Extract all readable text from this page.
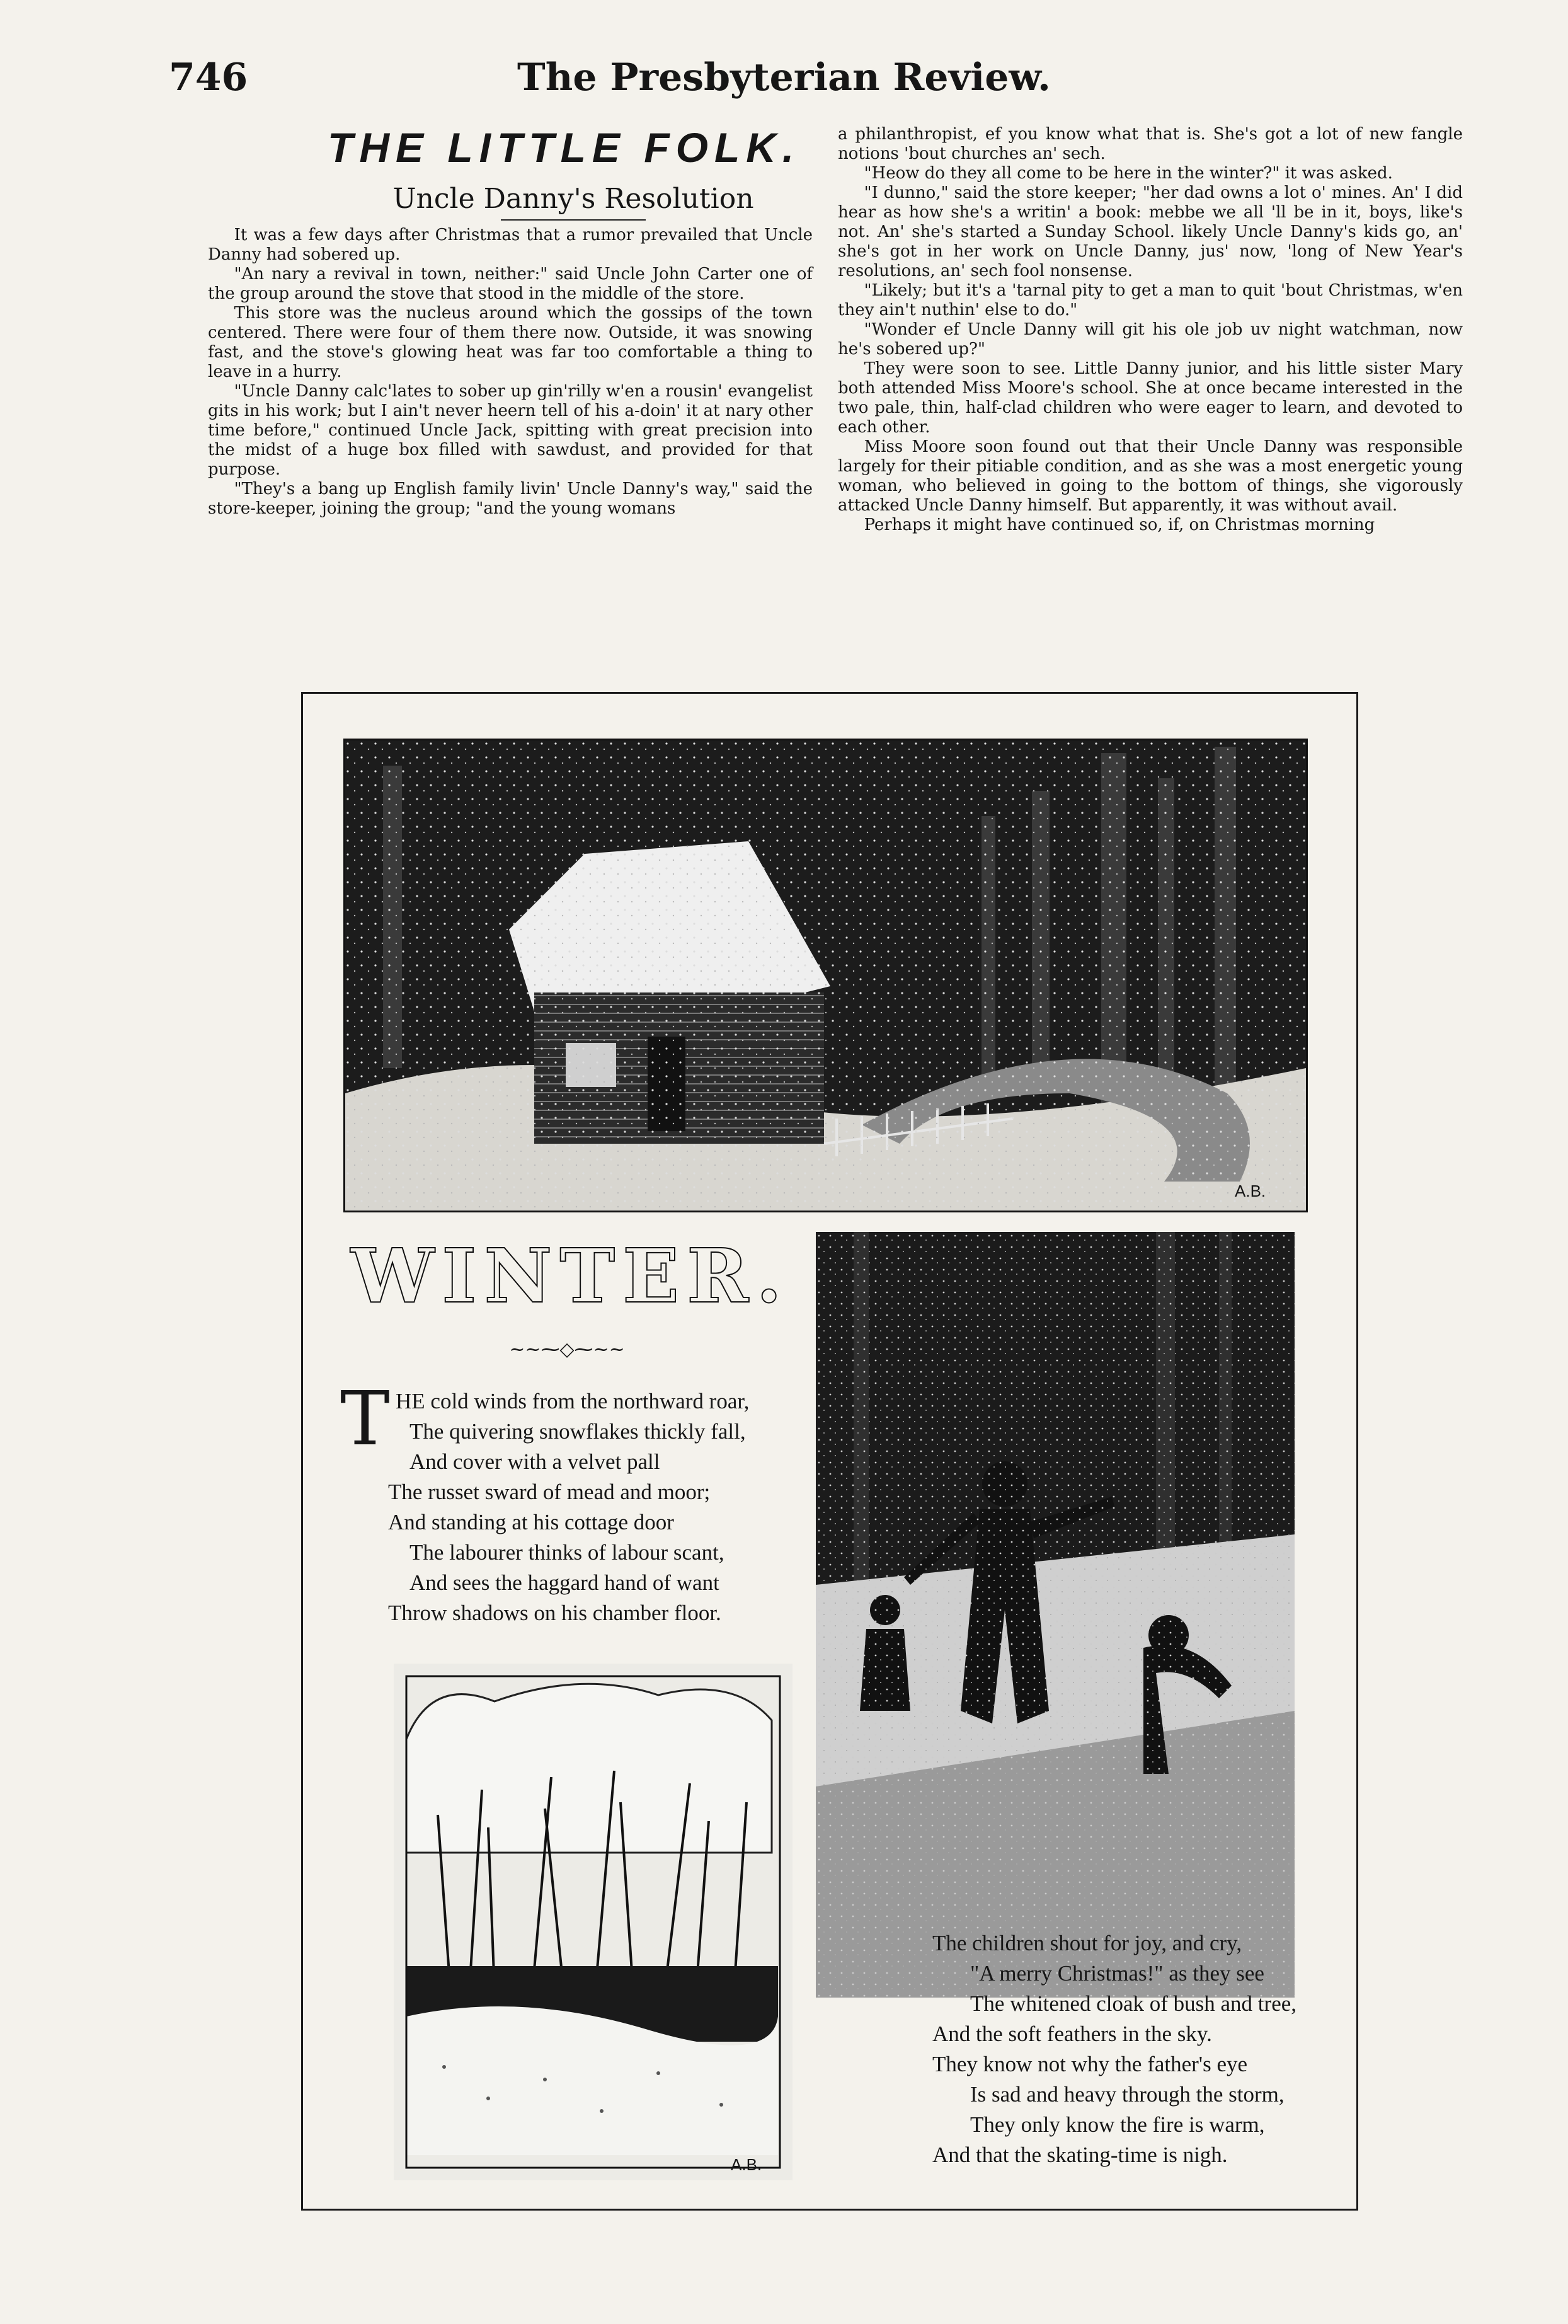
746	The Presbyterian Review.
THE LITTLE FOLK.
Uncle Danny's Resolution

It was a few days after Christmas that a rumor prevailed that Uncle Danny had sobered up.

"An nary a revival in town, neither:" said Uncle John Carter one of the group around the stove that stood in the middle of the store.

This store was the nucleus around which the gossips of the town centered. There were four of them there now. Outside, it was snowing fast, and the stove's glowing heat was far too comfortable a thing to leave in a hurry.

"Uncle Danny calc'lates to sober up gin'rilly w'en a rousin' evangelist gits in his work; but I ain't never heern tell of his a-doin' it at nary other time before," continued Uncle Jack, spitting with great precision into the midst of a huge box filled with sawdust, and provided for that purpose.

"They's a bang up English family livin' Uncle Danny's way," said the store-keeper, joining the group; "and the young womans

a philanthropist, ef you know what that is. She's got a lot of new fangle notions 'bout churches an' sech.

"Heow do they all come to be here in the winter?" it was asked.

"I dunno," said the store keeper; "her dad owns a lot o' mines. An' I did hear as how she's a writin' a book: mebbe we all 'll be in it, boys, like's not. An' she's started a Sunday School. likely Uncle Danny's kids go, an' she's got in her work on Uncle Danny, jus' now, 'long of New Year's resolutions, an' sech fool nonsense.

"Likely; but it's a 'tarnal pity to get a man to quit 'bout Christmas, w'en they ain't nuthin' else to do."

"Wonder ef Uncle Danny will git his ole job uv night watchman, now he's sobered up?"

They were soon to see. Little Danny junior, and his little sister Mary both attended Miss Moore's school. She at once became interested in the two pale, thin, half-clad children who were eager to learn, and devoted to each other.

Miss Moore soon found out that their Uncle Danny was responsible largely for their pitiable condition, and as she was a most energetic young woman, who believed in going to the bottom of things, she vigorously attacked Uncle Danny himself. But apparently, it was without avail.

Perhaps it might have continued so, if, on Christmas morning

WINTER.
~~⁓◇⁓~~
T HE cold winds from the northward roar,
The quivering snowflakes thickly fall,
And cover with a velvet pall
The russet sward of mead and moor;
And standing at his cottage door
The labourer thinks of labour scant,
And sees the haggard hand of want
Throw shadows on his chamber floor.
A.B.
A.B.
The children shout for joy, and cry,
"A merry Christmas!" as they see
The whitened cloak of bush and tree,
And the soft feathers in the sky.
They know not why the father's eye
Is sad and heavy through the storm,
They only know the fire is warm,
And that the skating-time is nigh.
